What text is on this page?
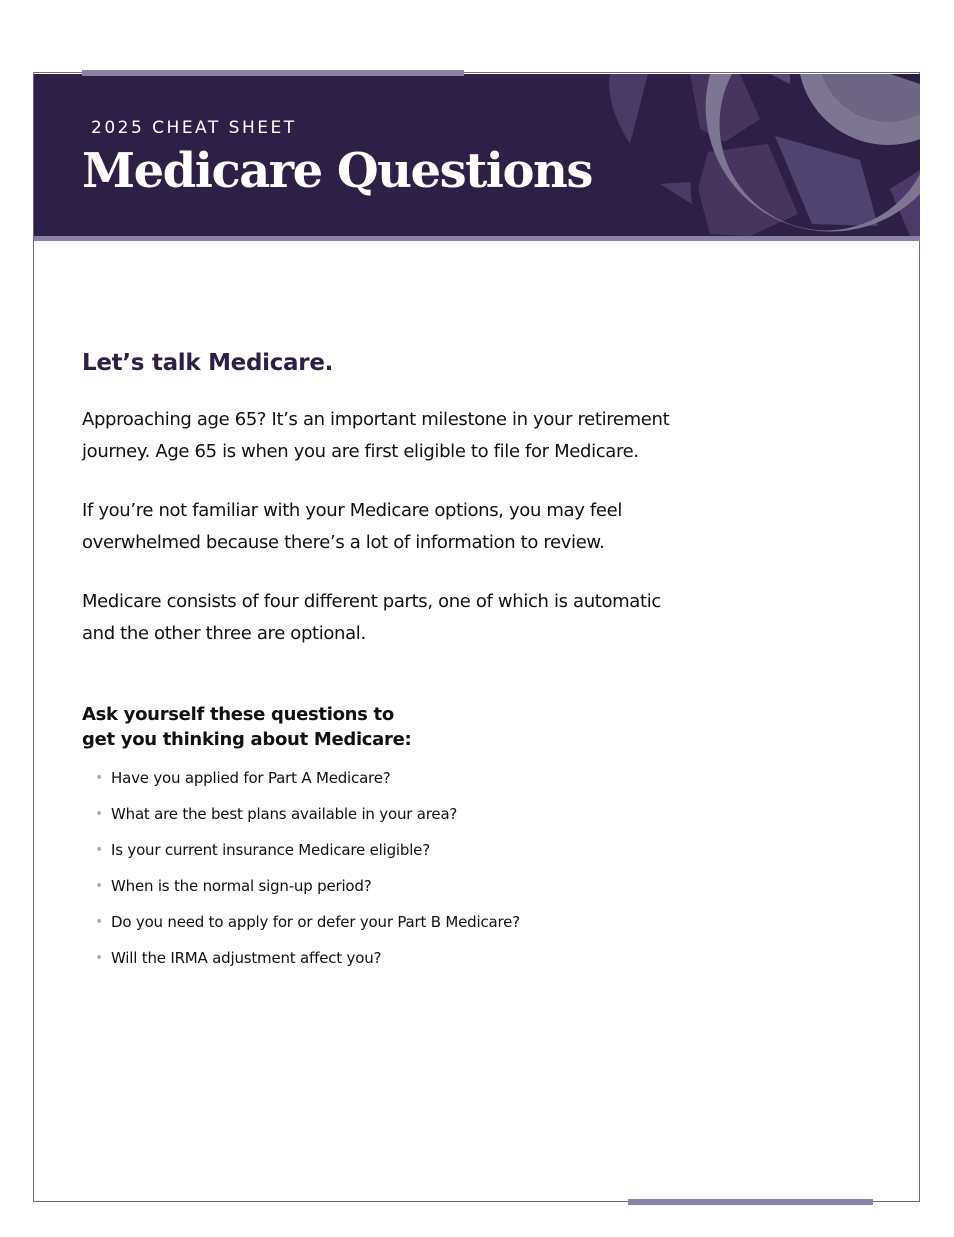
2025 CHEAT SHEET

Medicare Questions
Let’s talk Medicare.

Approaching age 65? It’s an important milestone in your retirement journey. Age 65 is when you are first eligible to file for Medicare.

If you’re not familiar with your Medicare options, you may feel overwhelmed because there’s a lot of information to review.

Medicare consists of four different parts, one of which is automatic and the other three are optional.

Ask yourself these questions to get you thinking about Medicare:
• Have you applied for Part A Medicare?
• What are the best plans available in your area?
• Is your current insurance Medicare eligible?
• When is the normal sign-up period?
• Do you need to apply for or defer your Part B Medicare?
• Will the IRMA adjustment affect you?
